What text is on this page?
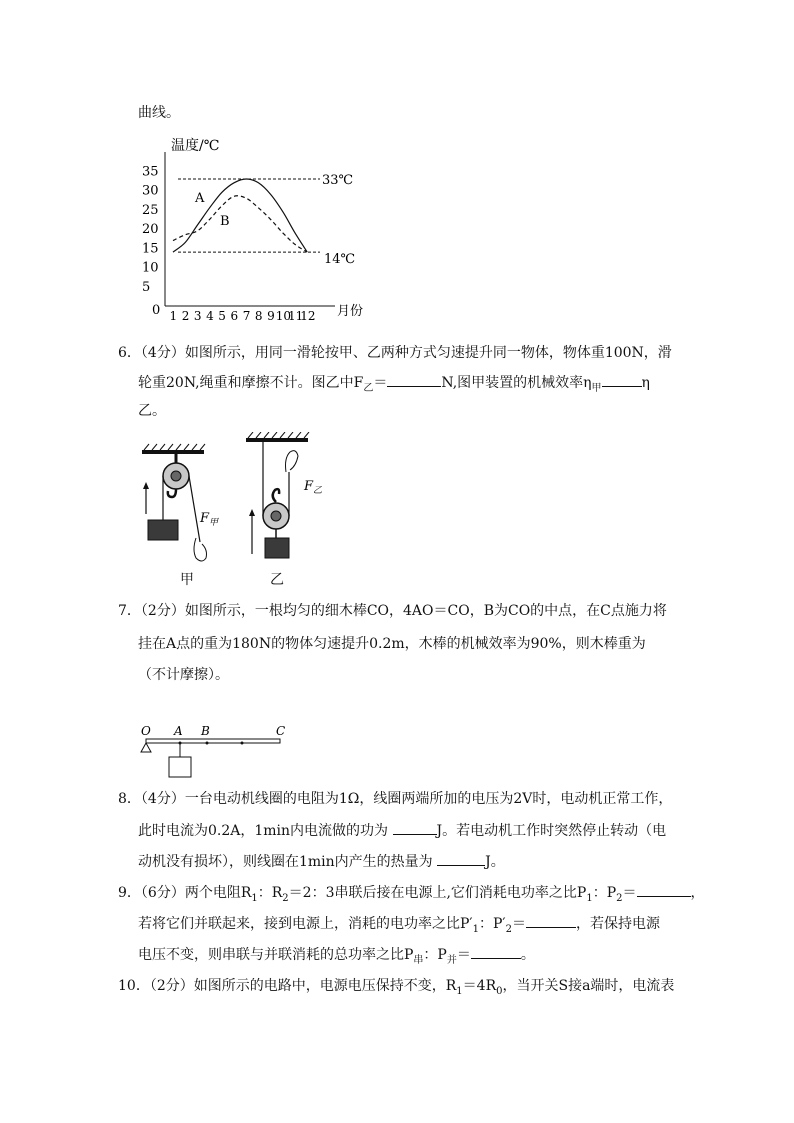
曲线。
温度/℃
0	月份
35
30
25
20
15
10
5
1 2 3 4 5 6 7 8 9 10
11
12
33℃
14℃
A
B
6．（4分）如图所示，用同一滑轮按甲、乙两种方式匀速提升同一物体，物体重100N，滑
轮重20N,绳重和摩擦不计。图乙中$F_乙=$	N,图甲装置的机械效率$\eta_甲$	η
乙。
$F_甲$
$F_乙$
甲	乙
7．（2分）如图所示，一根均匀的细木棒CO，4AO＝CO，B为CO的中点，在C点施力将
挂在A点的重为180N的物体匀速提升0.2m，木棒的机械效率为90%，则木棒重为
（不计摩擦）。
O A B	C
8．（4分）一台电动机线圈的电阻为1Ω，线圈两端所加的电压为2V时，电动机正常工作，
此时电流为0.2A，1min内电流做的功为	J。若电动机工作时突然停止转动（电
动机没有损坏），则线圈在1min内产生的热量为	J。
9．（6分）两个电阻$R_1$：$R_2=2$：3串联后接在电源上,它们消耗电功率之比$P_1$：$P_2=$	，
若将它们并联起来，接到电源上，消耗的电功率之比$P'_1$：$P'_2=$	，若保持电源
电压不变，则串联与并联消耗的总功率之比$P_串$：$P_并=$	。
10．（2分）如图所示的电路中，电源电压保持不变，$R_1=4R_0$，当开关S接a端时，电流表
